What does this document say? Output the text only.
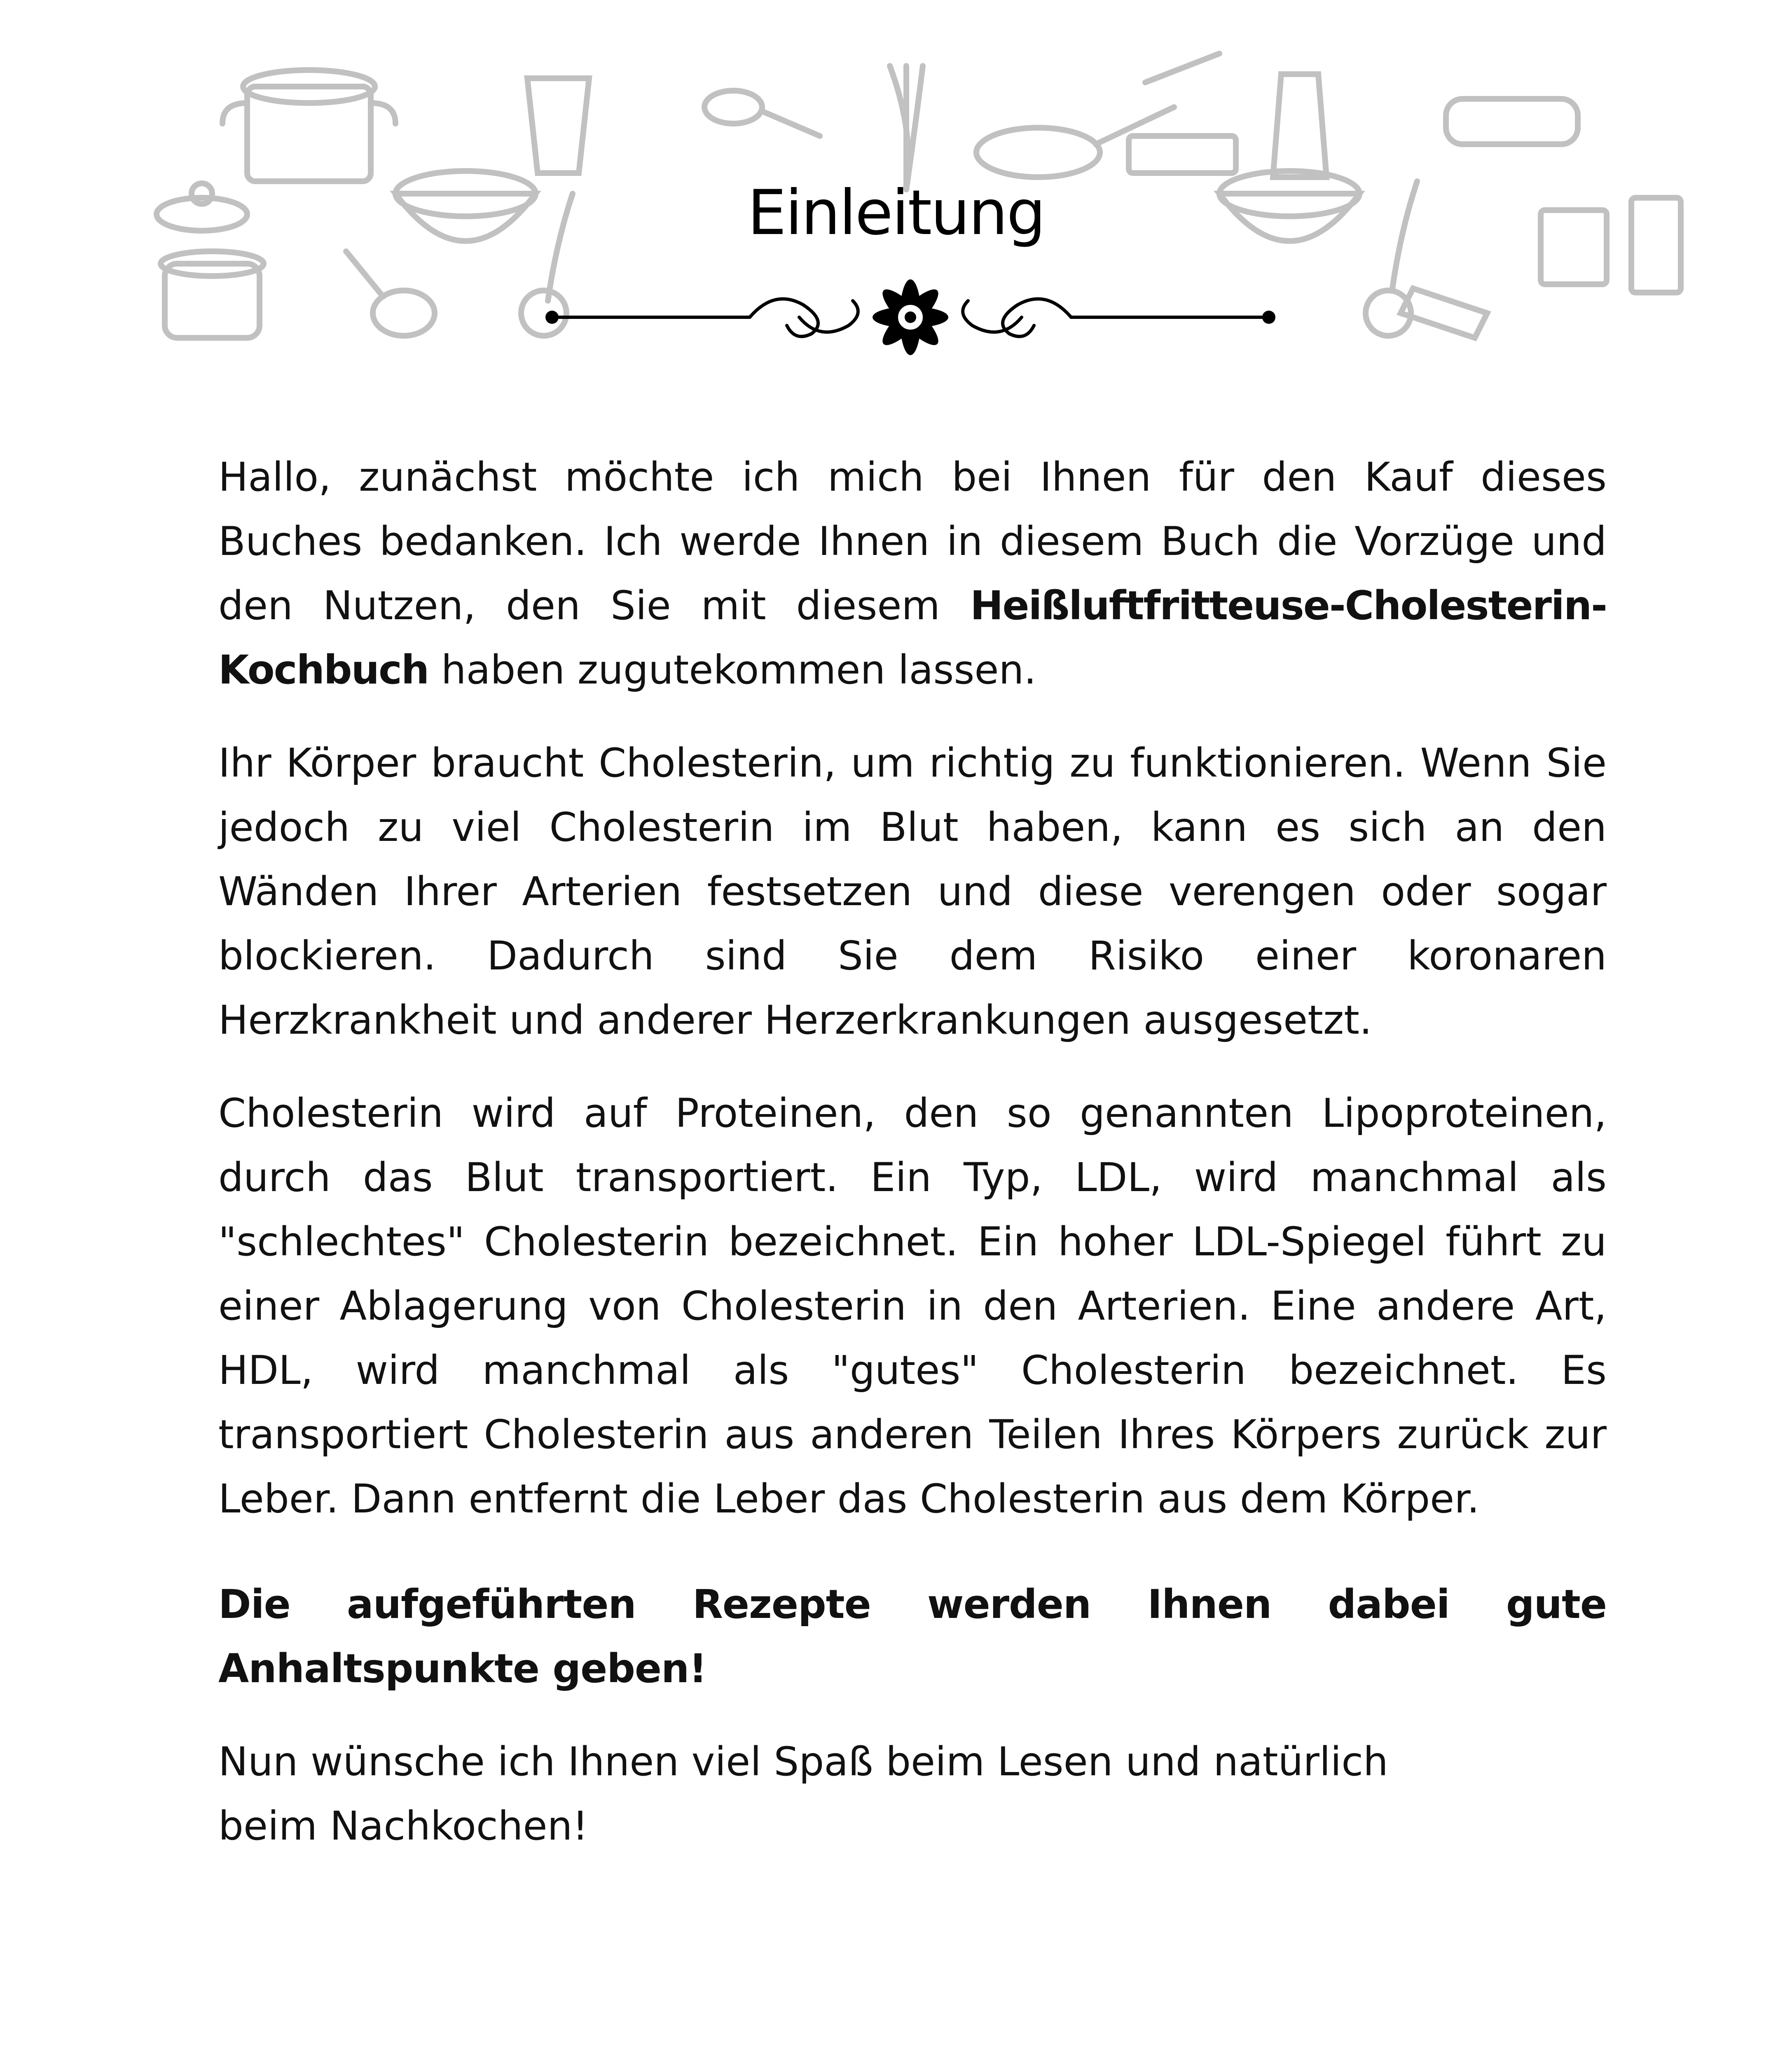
Einleitung

Hallo, zunächst möchte ich mich bei Ihnen für den Kauf dieses Buches bedanken. Ich werde Ihnen in diesem Buch die Vorzüge und den Nutzen, den Sie mit diesem Heißluftfritteuse-Cholesterin-Kochbuch haben zugutekommen lassen.

Ihr Körper braucht Cholesterin, um richtig zu funktionieren. Wenn Sie jedoch zu viel Cholesterin im Blut haben, kann es sich an den Wänden Ihrer Arterien festsetzen und diese verengen oder sogar blockieren. Dadurch sind Sie dem Risiko einer koronaren Herzkrankheit und anderer Herzerkrankungen ausgesetzt.

Cholesterin wird auf Proteinen, den so genannten Lipoproteinen, durch das Blut transportiert. Ein Typ, LDL, wird manchmal als "schlechtes" Cholesterin bezeichnet. Ein hoher LDL-Spiegel führt zu einer Ablagerung von Cholesterin in den Arterien. Eine andere Art, HDL, wird manchmal als "gutes" Cholesterin bezeichnet. Es transportiert Cholesterin aus anderen Teilen Ihres Körpers zurück zur Leber. Dann entfernt die Leber das Cholesterin aus dem Körper.

Die aufgeführten Rezepte werden Ihnen dabei gute Anhaltspunkte geben!

Nun wünsche ich Ihnen viel Spaß beim Lesen und natürlich beim Nachkochen!
